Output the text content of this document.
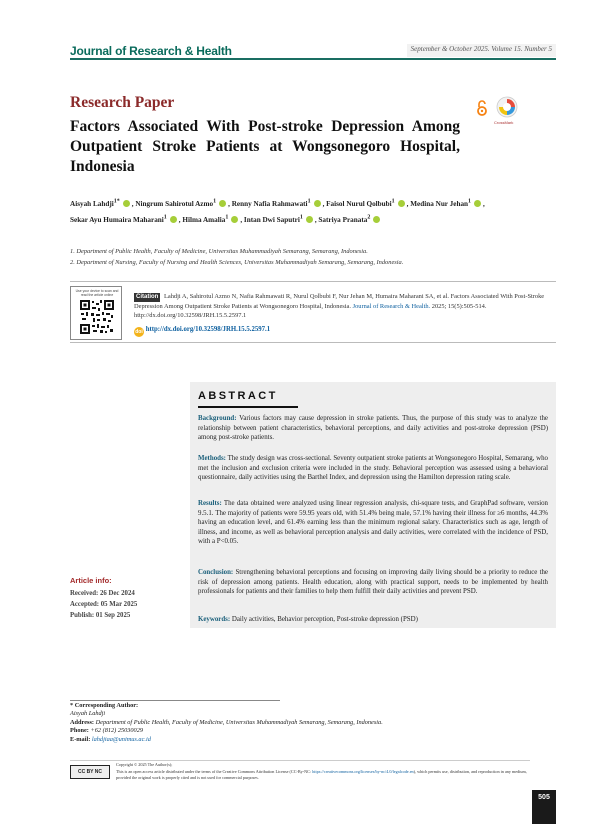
Journal of Research & Health	September & October 2025. Volume 15. Number 5
Research Paper
Factors Associated With Post-stroke Depression Among Outpatient Stroke Patients at Wongsonegoro Hospital, Indonesia
CrossMark
Aisyah Lahdji$^{1*}$ , Ningrum Sahirotul Azmo$^1$ , Renny Nafia Rahmawati$^1$ , Faisol Nurul Qolbubi$^1$ , Medina Nur Jehan$^1$ , Sekar Ayu Humaira Maharani$^1$ , Hilma Amalia$^1$ , Intan Dwi Saputri$^1$ , Satriya Pranata$^2$
1. Department of Public Health, Faculty of Medicine, Universitas Muhammadiyah Semarang, Semarang, Indonesia.
2. Department of Nursing, Faculty of Nursing and Health Sciences, Universitas Muhammadiyah Semarang, Semarang, Indonesia.
Use your device to scan and read the article online	Citation Lahdji A, Sahirotul Azmo N, Nafia Rahmawati R, Nurul Qolbubi F, Nur Jehan M, Humaira Maharani SA, et al. Factors Associated With Post-Stroke Depression Among Outpatient Stroke Patients at Wongsonegoro Hospital, Indonesia. Journal of Research & Health. 2025; 15(5):505-514. http://dx.doi.org/10.32598/JRH.15.5.2597.1
doi http://dx.doi.org/10.32598/JRH.15.5.2597.1
Article info:
Received: 26 Dec 2024
Accepted: 05 Mar 2025
Publish: 01 Sep 2025
ABSTRACT
Background: Various factors may cause depression in stroke patients. Thus, the purpose of this study was to analyze the relationship between patient characteristics, behavioral perceptions, and daily activities and post-stroke depression (PSD) among post-stroke patients.
Methods: The study design was cross-sectional. Seventy outpatient stroke patients at Wongsonegoro Hospital, Semarang, who met the inclusion and exclusion criteria were included in the study. Behavioral perception was assessed using a behavioral questionnaire, daily activities using the Barthel Index, and depression using the Hamilton depression rating scale.
Results: The data obtained were analyzed using linear regression analysis, chi-square tests, and GraphPad software, version 9.5.1. The majority of patients were 59.95 years old, with 51.4% being male, 57.1% having their illness for ≥6 months, 44.3% having an education level, and 61.4% earning less than the minimum regional salary. Characteristics such as age, length of illness, and income, as well as behavioral perception analysis and daily activities, were correlated with the incidence of PSD, with a P<0.05.
Conclusion: Strengthening behavioral perceptions and focusing on improving daily living should be a priority to reduce the risk of depression among patients. Health education, along with practical support, needs to be implemented by health professionals for patients and their families to help them fulfill their daily activities and prevent PSD.
Keywords: Daily activities, Behavior perception, Post-stroke depression (PSD)
* Corresponding Author:
Aisyah Lahdji
Address: Department of Public Health, Faculty of Medicine, Universitas Muhammadiyah Semarang, Semarang, Indonesia.
Phone: +62 (812) 25030029
E-mail: lahdjiaa@unimus.ac.id
CC BY NC
Copyright © 2025 The Author(s);
This is an open access article distributed under the terms of the Creative Commons Attribution License (CC-By-NC: https://creativecommons.org/licenses/by-nc/4.0/legalcode.en), which permits use, distribution, and reproduction in any medium, provided the original work is properly cited and is not used for commercial purposes.
505
